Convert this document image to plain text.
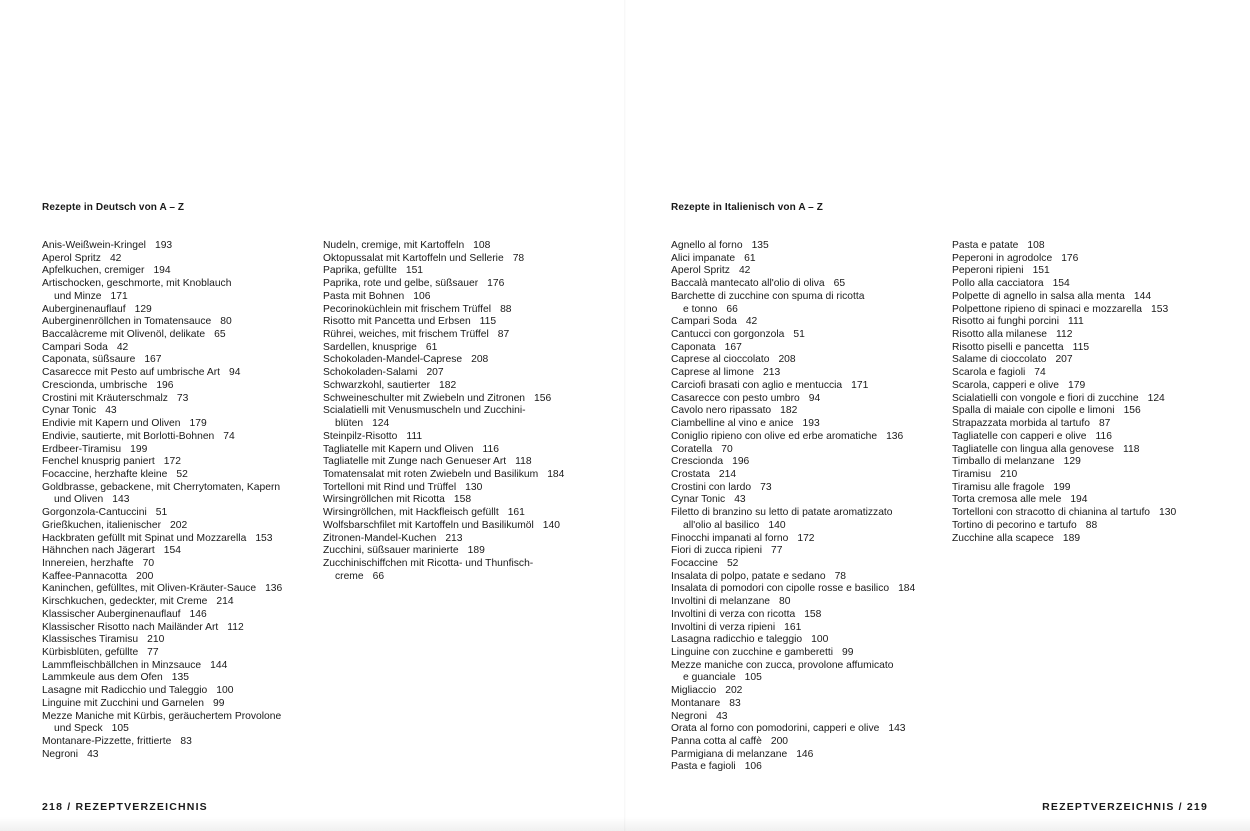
Rezepte in Deutsch von A – Z	Rezepte in Italienisch von A – Z
Anis-Weißwein-Kringel 193
Aperol Spritz 42
Apfelkuchen, cremiger 194
Artischocken, geschmorte, mit Knoblauch
und Minze 171
Auberginenauflauf 129
Auberginenröllchen in Tomatensauce 80
Baccalàcreme mit Olivenöl, delikate 65
Campari Soda 42
Caponata, süßsaure 167
Casarecce mit Pesto auf umbrische Art 94
Crescionda, umbrische 196
Crostini mit Kräuterschmalz 73
Cynar Tonic 43
Endivie mit Kapern und Oliven 179
Endivie, sautierte, mit Borlotti-Bohnen 74
Erdbeer-Tiramisu 199
Fenchel knusprig paniert 172
Focaccine, herzhafte kleine 52
Goldbrasse, gebackene, mit Cherrytomaten, Kapern
und Oliven 143
Gorgonzola-Cantuccini 51
Grießkuchen, italienischer 202
Hackbraten gefüllt mit Spinat und Mozzarella 153
Hähnchen nach Jägerart 154
Innereien, herzhafte 70
Kaffee-Pannacotta 200
Kaninchen, gefülltes, mit Oliven-Kräuter-Sauce 136
Kirschkuchen, gedeckter, mit Creme 214
Klassischer Auberginenauflauf 146
Klassischer Risotto nach Mailänder Art 112
Klassisches Tiramisu 210
Kürbisblüten, gefüllte 77
Lammfleischbällchen in Minzsauce 144
Lammkeule aus dem Ofen 135
Lasagne mit Radicchio und Taleggio 100
Linguine mit Zucchini und Garnelen 99
Mezze Maniche mit Kürbis, geräuchertem Provolone
und Speck 105
Montanare-Pizzette, frittierte 83
Negroni 43
Nudeln, cremige, mit Kartoffeln 108
Oktopussalat mit Kartoffeln und Sellerie 78
Paprika, gefüllte 151
Paprika, rote und gelbe, süßsauer 176
Pasta mit Bohnen 106
Pecorinoküchlein mit frischem Trüffel 88
Risotto mit Pancetta und Erbsen 115
Rührei, weiches, mit frischem Trüffel 87
Sardellen, knusprige 61
Schokoladen-Mandel-Caprese 208
Schokoladen-Salami 207
Schwarzkohl, sautierter 182
Schweineschulter mit Zwiebeln und Zitronen 156
Scialatielli mit Venusmuscheln und Zucchini-
blüten 124
Steinpilz-Risotto 111
Tagliatelle mit Kapern und Oliven 116
Tagliatelle mit Zunge nach Genueser Art 118
Tomatensalat mit roten Zwiebeln und Basilikum 184
Tortelloni mit Rind und Trüffel 130
Wirsingröllchen mit Ricotta 158
Wirsingröllchen, mit Hackfleisch gefüllt 161
Wolfsbarschfilet mit Kartoffeln und Basilikumöl 140
Zitronen-Mandel-Kuchen 213
Zucchini, süßsauer marinierte 189
Zucchinischiffchen mit Ricotta- und Thunfisch-
creme 66
Agnello al forno 135
Alici impanate 61
Aperol Spritz 42
Baccalà mantecato all'olio di oliva 65
Barchette di zucchine con spuma di ricotta
e tonno 66
Campari Soda 42
Cantucci con gorgonzola 51
Caponata 167
Caprese al cioccolato 208
Caprese al limone 213
Carciofi brasati con aglio e mentuccia 171
Casarecce con pesto umbro 94
Cavolo nero ripassato 182
Ciambelline al vino e anice 193
Coniglio ripieno con olive ed erbe aromatiche 136
Coratella 70
Crescionda 196
Crostata 214
Crostini con lardo 73
Cynar Tonic 43
Filetto di branzino su letto di patate aromatizzato
all'olio al basilico 140
Finocchi impanati al forno 172
Fiori di zucca ripieni 77
Focaccine 52
Insalata di polpo, patate e sedano 78
Insalata di pomodori con cipolle rosse e basilico 184
Involtini di melanzane 80
Involtini di verza con ricotta 158
Involtini di verza ripieni 161
Lasagna radicchio e taleggio 100
Linguine con zucchine e gamberetti 99
Mezze maniche con zucca, provolone affumicato
e guanciale 105
Migliaccio 202
Montanare 83
Negroni 43
Orata al forno con pomodorini, capperi e olive 143
Panna cotta al caffè 200
Parmigiana di melanzane 146
Pasta e fagioli 106
Pasta e patate 108
Peperoni in agrodolce 176
Peperoni ripieni 151
Pollo alla cacciatora 154
Polpette di agnello in salsa alla menta 144
Polpettone ripieno di spinaci e mozzarella 153
Risotto ai funghi porcini 111
Risotto alla milanese 112
Risotto piselli e pancetta 115
Salame di cioccolato 207
Scarola e fagioli 74
Scarola, capperi e olive 179
Scialatielli con vongole e fiori di zucchine 124
Spalla di maiale con cipolle e limoni 156
Strapazzata morbida al tartufo 87
Tagliatelle con capperi e olive 116
Tagliatelle con lingua alla genovese 118
Timballo di melanzane 129
Tiramisu 210
Tiramisu alle fragole 199
Torta cremosa alle mele 194
Tortelloni con stracotto di chianina al tartufo 130
Tortino di pecorino e tartufo 88
Zucchine alla scapece 189
218 / REZEPTVERZEICHNIS	REZEPTVERZEICHNIS / 219
